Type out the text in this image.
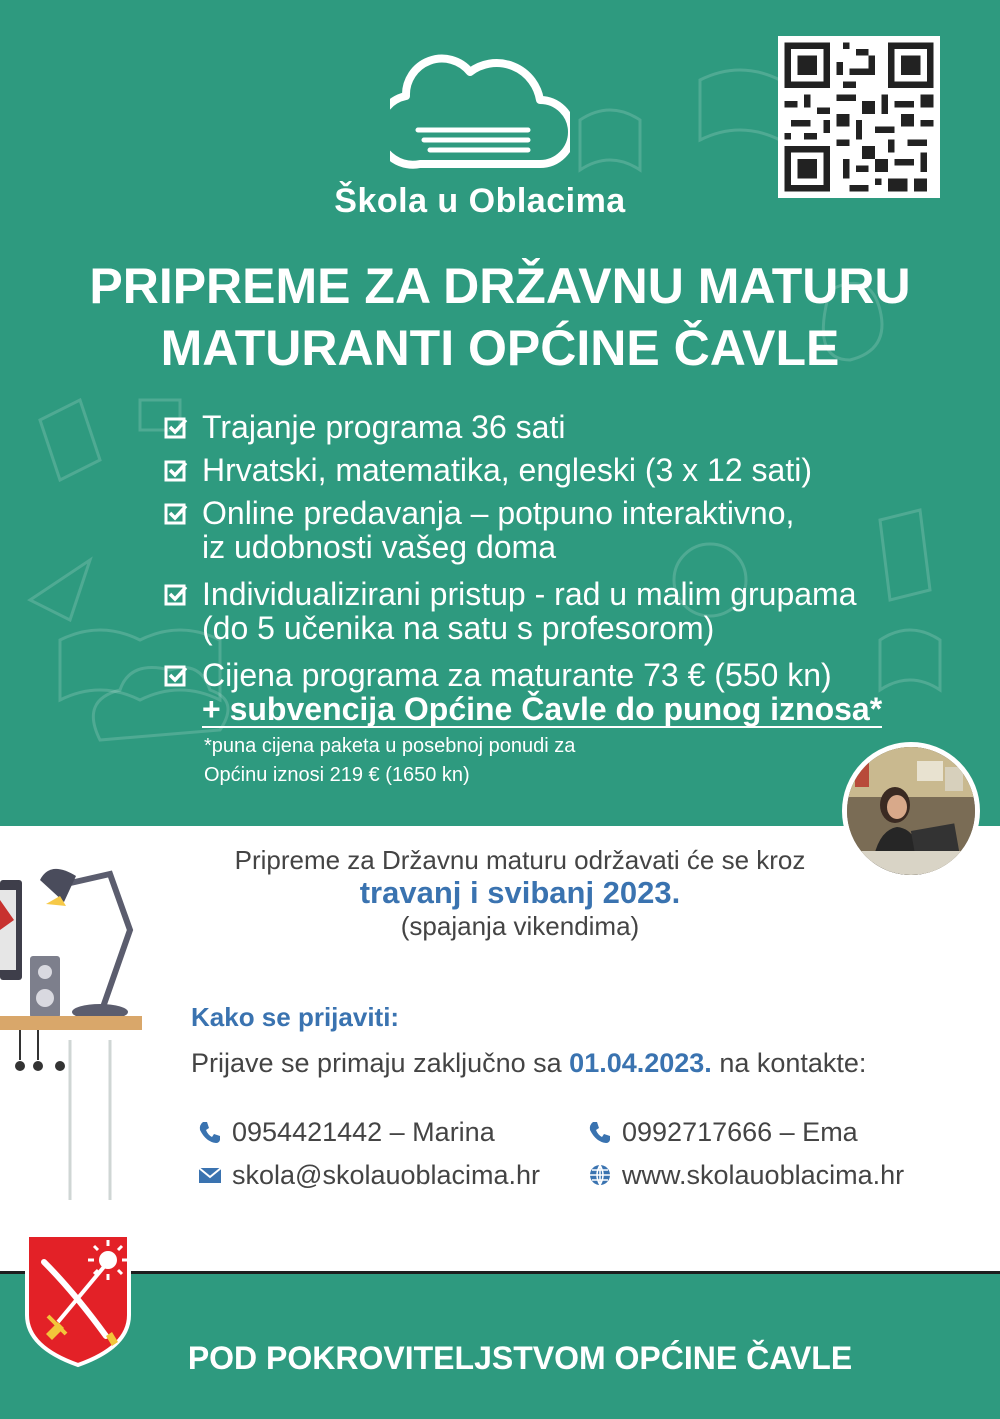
Škola u Oblacima
PRIPREME ZA DRŽAVNU MATURU
MATURANTI OPĆINE ČAVLE
Trajanje programa 36 sati
Hrvatski, matematika, engleski (3 x 12 sati)
Online predavanja – potpuno interaktivno,
iz udobnosti vašeg doma
Individualizirani pristup - rad u malim grupama
(do 5 učenika na satu s profesorom)
Cijena programa za maturante 73 € (550 kn)
+ subvencija Općine Čavle do punog iznosa*
*puna cijena paketa u posebnoj ponudi za
Općinu iznosi 219 € (1650 kn)
Pripreme za Državnu maturu održavati će se kroz
travanj i svibanj 2023.
(spajanja vikendima)
Kako se prijaviti:
Prijave se primaju zaključno sa 01.04.2023. na kontakte:
0954421442 – Marina	0992717666 – Ema
skola@skolauoblacima.hr	www.skolauoblacima.hr
POD POKROVITELJSTVOM OPĆINE ČAVLE
